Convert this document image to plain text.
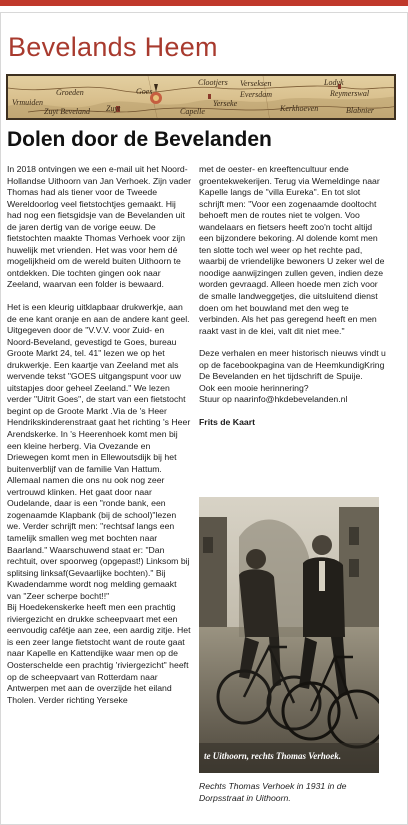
Bevelands Heem
Vrmuiden
Groeden
Zuyt Beveland Zuyt
Goes
Capelle
Yerseke
Clootjers Verseksen
Eversdam
Lodyk
Reymerswal
Kerkhoeven	Blabnier
Dolen door de Bevelanden

In 2018 ontvingen we een e-mail uit het Noord-Hollandse Uithoorn van Jan Verhoek. Zijn vader Thomas had als tiener voor de Tweede Wereldoorlog veel fietstochtjes gemaakt. Hij had nog een fietsgidsje van de Bevelanden uit de jaren dertig van de vorige eeuw. De fietstochten maakte Thomas Verhoek voor zijn huwelijk met vrienden. Het was voor hem dé mogelijkheid om de wereld buiten Uithoorn te ontdekken. Die tochten gingen ook naar Zeeland, waarvan een folder is bewaard.

Het is een kleurig uitklapbaar drukwerkje, aan de ene kant oranje en aan de andere kant geel. Uitgegeven door de "V.V.V. voor Zuid- en Noord-Beveland, gevestigd te Goes, bureau Groote Markt 24, tel. 41" lezen we op het drukwerkje. Een kaartje van Zeeland met als wervende tekst "GOES uitgangspunt voor uw uitstapjes door geheel Zeeland." We lezen verder "Uitrit Goes", de start van een fietstocht begint op de Groote Markt .Via de 's Heer Hendrikskinderenstraat gaat het richting 's Heer Arendskerke. In 's Heerenhoek komt men bij een kleine herberg. Via Ovezande en Driewegen komt men in Ellewoutsdijk bij het buitenverblijf van de familie Van Hattum. Allemaal namen die ons nu ook nog zeer vertrouwd klinken. Het gaat door naar Oudelande, daar is een "ronde bank, een zogenaamde Klapbank (bij de school)"lezen we. Verder schrijft men: "rechtsaf langs een tamelijk smallen weg met bochten naar Baarland." Waarschuwend staat er: "Dan rechtuit, over spoorweg (opgepast!) Linksom bij splitsing linksaf(Gevaarlijke bochten)." Bij Kwadendamme wordt nog melding gemaakt van "Zeer scherpe bocht!!"

Bij Hoedekenskerke heeft men een prachtig riviergezicht en drukke scheepvaart met een eenvoudig cafétje aan zee, een aardig zitje. Het is een zeer lange fietstocht want de route gaat naar Kapelle en Kattendijke waar men op de Oosterschelde een prachtig 'riviergezicht" heeft op de scheepvaart van Rotterdam naar Antwerpen met aan de overzijde het eiland Tholen. Verder richting Yerseke

met de oester- en kreeftencultuur ende groentekwekerijen. Terug via Wemeldinge naar Kapelle langs de "villa Eureka". En tot slot schrijft men: "Voor een zogenaamde dooltocht behoeft men de routes niet te volgen. Voo wandelaars en fietsers heeft zoo'n tocht altijd een bijzondere bekoring. Al dolende komt men ten slotte toch wel weer op het rechte pad, waarbij de vriendelijke bewoners U zeker wel de noodige aanwijzingen zullen geven, indien deze worden gevraagd. Alleen hoede men zich voor de smalle landweggetjes, die uitsluitend dienst doen om het bouwland met den weg te verbinden. Als het pas geregend heeft en men raakt vast in de klei, valt dit niet mee."

Deze verhalen en meer historisch nieuws vindt u op de facebookpagina van de HeemkundigKring De Bevelanden en het tijdschrift de Spuije.
Ook een mooie herinnering?
Stuur op naarinfo@hkdebevelanden.nl

Frits de Kaart

te Uithoorn, rechts Thomas Verhoek.
Rechts Thomas Verhoek in 1931 in de Dorpsstraat in Uithoorn.
